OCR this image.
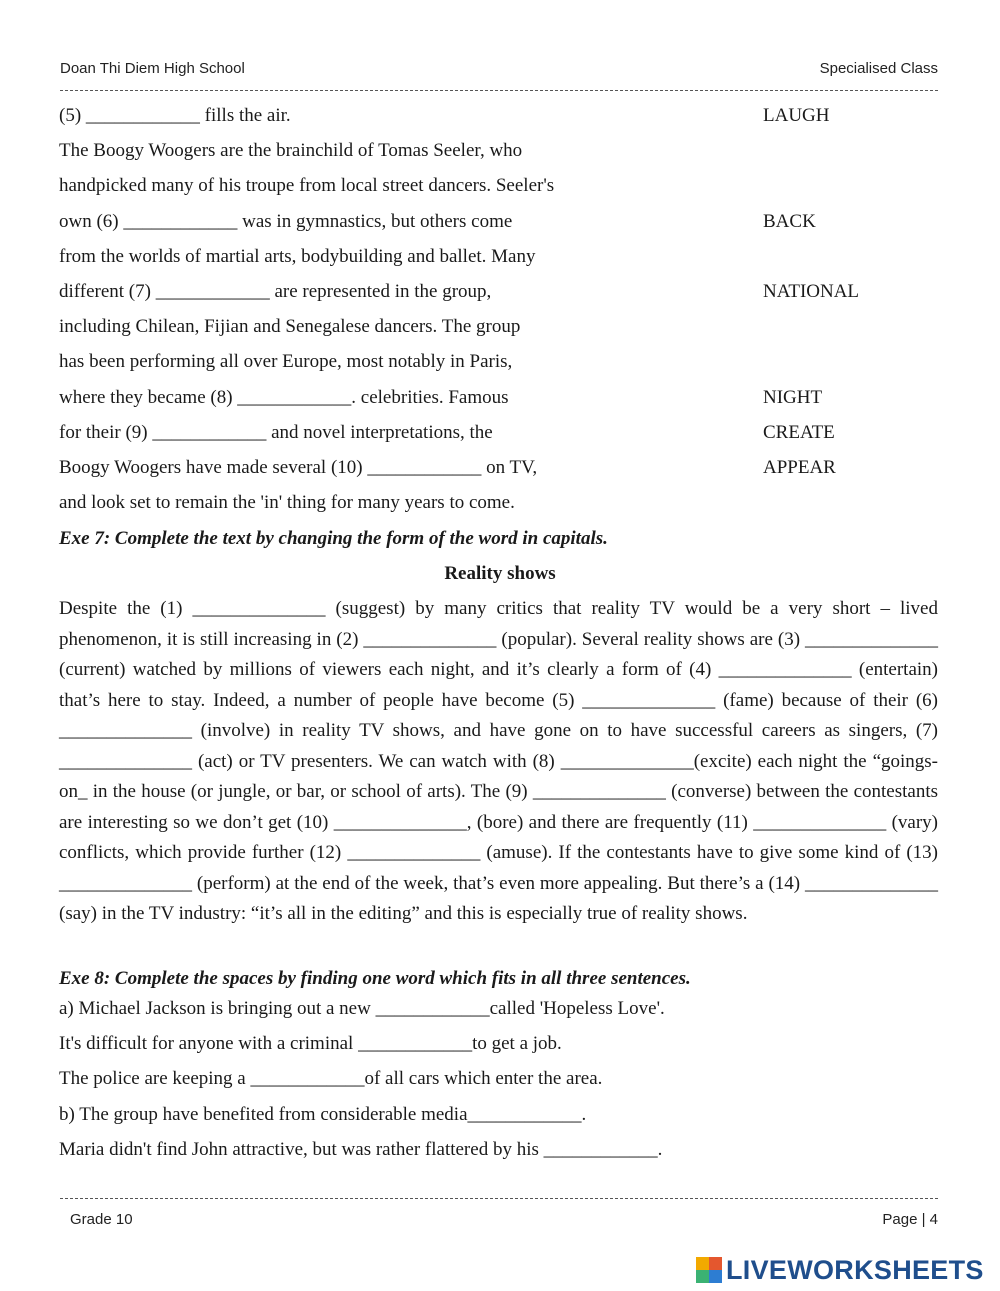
Doan Thi Diem High School	Specialised Class
(5) ____________ fills the air.
The Boogy Woogers are the brainchild of Tomas Seeler, who
handpicked many of his troupe from local street dancers. Seeler's
own (6) ____________ was in gymnastics, but others come
from the worlds of martial arts, bodybuilding and ballet. Many
different (7) ____________ are represented in the group,
including Chilean, Fijian and Senegalese dancers. The group
has been performing all over Europe, most notably in Paris,
where they became (8) ____________. celebrities. Famous
for their (9) ____________ and novel interpretations, the
Boogy Woogers have made several (10) ____________ on TV,
and look set to remain the 'in' thing for many years to come.
LAUGH
BACK
NATIONAL
NIGHT
CREATE
APPEAR
Exe 7: Complete the text by changing the form of the word in capitals.
Reality shows
Despite the (1) ______________ (suggest) by many critics that reality TV would be a very short – lived phenomenon, it is still increasing in (2) ______________ (popular). Several reality shows are (3) ______________ (current) watched by millions of viewers each night, and it’s clearly a form of (4) ______________ (entertain) that’s here to stay. Indeed, a number of people have become (5) ______________ (fame) because of their (6) ______________ (involve) in reality TV shows, and have gone on to have successful careers as singers, (7) ______________ (act) or TV presenters. We can watch with (8) ______________(excite) each night the “goings-on_ in the house (or jungle, or bar, or school of arts). The (9) ______________ (converse) between the contestants are interesting so we don’t get (10) ______________, (bore) and there are frequently (11) ______________ (vary) conflicts, which provide further (12) ______________ (amuse). If the contestants have to give some kind of (13) ______________ (perform) at the end of the week, that’s even more appealing. But there’s a (14) ______________ (say) in the TV industry: “it’s all in the editing” and this is especially true of reality shows.
Exe 8: Complete the spaces by finding one word which fits in all three sentences.
a) Michael Jackson is bringing out a new ____________called 'Hopeless Love'.
It's difficult for anyone with a criminal ____________to get a job.
The police are keeping a ____________of all cars which enter the area.
b) The group have benefited from considerable media____________.
Maria didn't find John attractive, but was rather flattered by his ____________.
Grade 10	Page | 4
LIVEWORKSHEETS
